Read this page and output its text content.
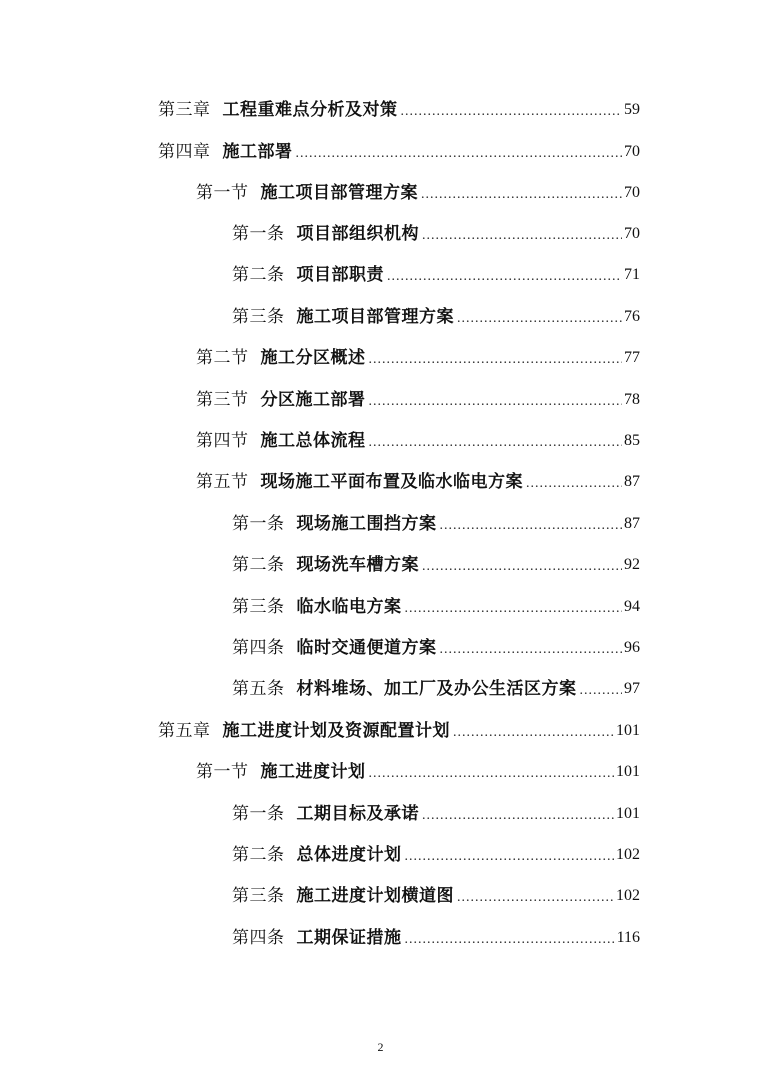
第三章 工程重难点分析及对策 .....	59
第四章 施工部署 .....	70
第一节 施工项目部管理方案 .....	70
第一条 项目部组织机构 .....	70
第二条 项目部职责 .....	71
第三条 施工项目部管理方案 .....	76
第二节 施工分区概述 .....	77
第三节 分区施工部署 .....	78
第四节 施工总体流程 .....	85
第五节 现场施工平面布置及临水临电方案 .....	87
第一条 现场施工围挡方案 .....	87
第二条 现场洗车槽方案 .....	92
第三条 临水临电方案 .....	94
第四条 临时交通便道方案 .....	96
第五条 材料堆场、加工厂及办公生活区方案 .....	97
第五章 施工进度计划及资源配置计划 .....	101
第一节 施工进度计划 .....	101
第一条 工期目标及承诺 .....	101
第二条 总体进度计划 .....	102
第三条 施工进度计划横道图 .....	102
第四条 工期保证措施 .....	116
2
